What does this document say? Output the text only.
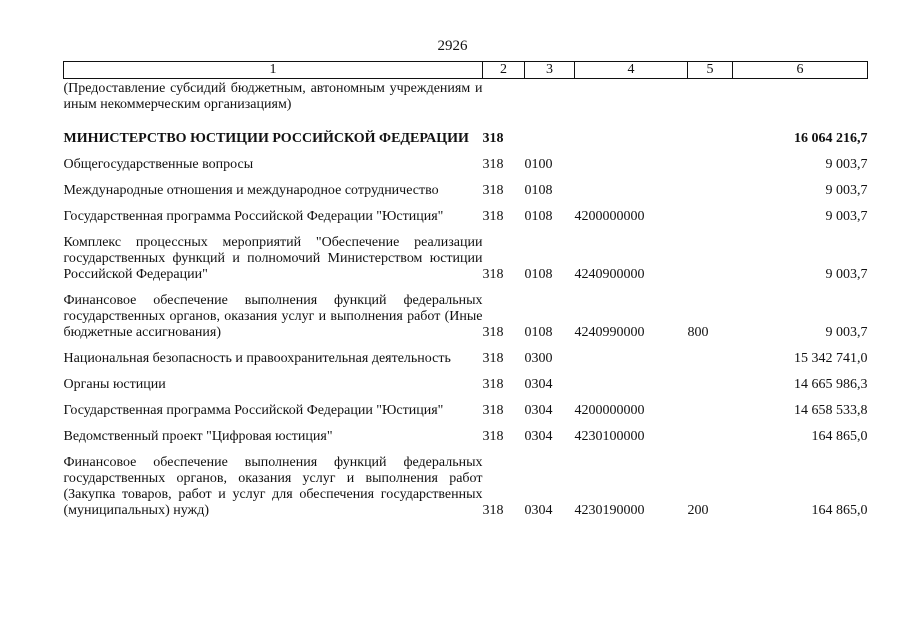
2926
1	2	3	4	5	6
(Предоставление субсидий бюджетным, автономным учреждениям и иным некоммерческим организациям)					
МИНИСТЕРСТВО ЮСТИЦИИ РОССИЙСКОЙ ФЕДЕРАЦИИ	318				16 064 216,7
Общегосударственные вопросы	318	0100			9 003,7
Международные отношения и международное сотрудничество	318	0108			9 003,7
Государственная программа Российской Федерации "Юстиция"	318	0108	4200000000		9 003,7
Комплекс процессных мероприятий "Обеспечение реализации государственных функций и полномочий Министерством юстиции Российской Федерации"	318	0108	4240900000		9 003,7
Финансовое обеспечение выполнения функций федеральных государственных органов, оказания услуг и выполнения работ (Иные бюджетные ассигнования)	318	0108	4240990000	800	9 003,7
Национальная безопасность и правоохранительная деятельность	318	0300			15 342 741,0
Органы юстиции	318	0304			14 665 986,3
Государственная программа Российской Федерации "Юстиция"	318	0304	4200000000		14 658 533,8
Ведомственный проект "Цифровая юстиция"	318	0304	4230100000		164 865,0
Финансовое обеспечение выполнения функций федеральных государственных органов, оказания услуг и выполнения работ (Закупка товаров, работ и услуг для обеспечения государственных (муниципальных) нужд)	318	0304	4230190000	200	164 865,0
